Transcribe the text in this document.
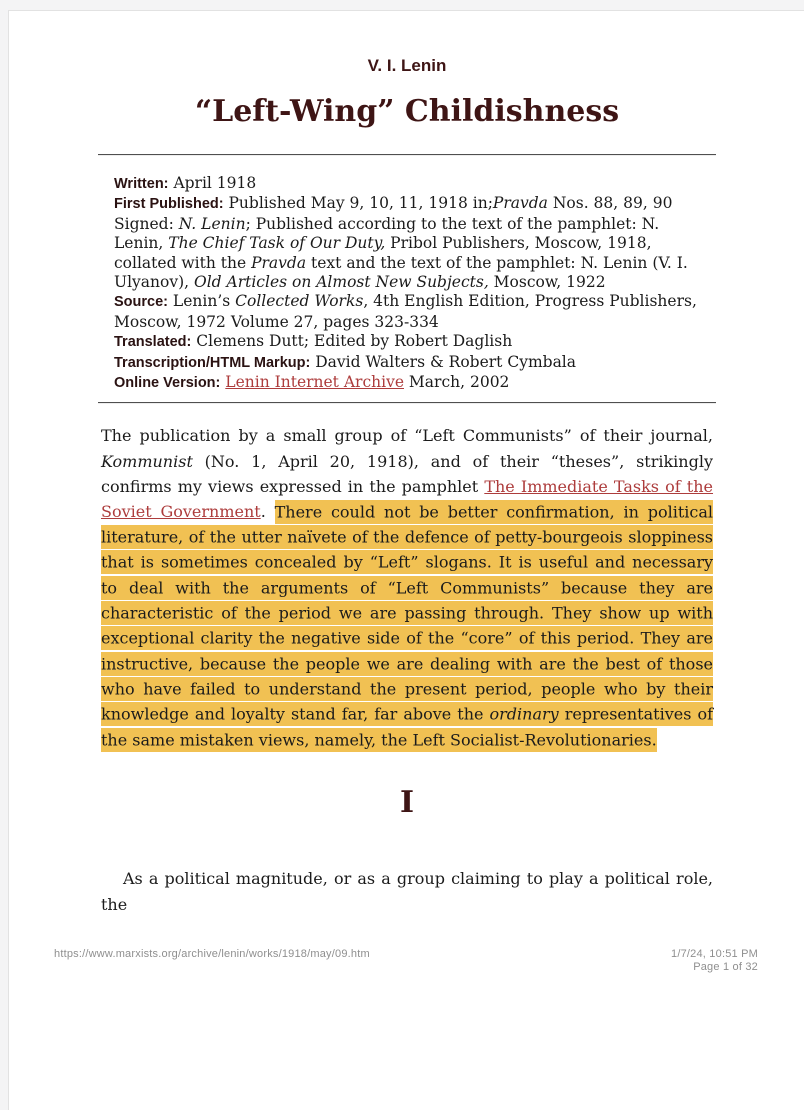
V. I. Lenin
“Left-Wing” Childishness
Written: April 1918
First Published: Published May 9, 10, 11, 1918 in;Pravda Nos. 88, 89, 90 Signed: N. Lenin; Published according to the text of the pamphlet: N. Lenin, The Chief Task of Our Duty, Pribol Publishers, Moscow, 1918, collated with the Pravda text and the text of the pamphlet: N. Lenin (V. I. Ulyanov), Old Articles on Almost New Subjects, Moscow, 1922
Source: Lenin’s Collected Works, 4th English Edition, Progress Publishers, Moscow, 1972 Volume 27, pages 323-334
Translated: Clemens Dutt; Edited by Robert Daglish
Transcription/HTML Markup: David Walters & Robert Cymbala
Online Version: Lenin Internet Archive March, 2002

The publication by a small group of “Left Communists” of their journal, Kommunist (No. 1, April 20, 1918), and of their “theses”, strikingly confirms my views expressed in the pamphlet The Immediate Tasks of the Soviet Government. There could not be better confirmation, in political literature, of the utter naïvete of the defence of petty-bourgeois sloppiness that is sometimes concealed by “Left” slogans. It is useful and necessary to deal with the arguments of “Left Communists” because they are characteristic of the period we are passing through. They show up with exceptional clarity the negative side of the “core” of this period. They are instructive, because the people we are dealing with are the best of those who have failed to understand the present period, people who by their knowledge and loyalty stand far, far above the ordinary representatives of the same mistaken views, namely, the Left Socialist-Revolutionaries.

I

As a political magnitude, or as a group claiming to play a political role, the

https://www.marxists.org/archive/lenin/works/1918/may/09.htm	1/7/24, 10:51 PM
Page 1 of 32
